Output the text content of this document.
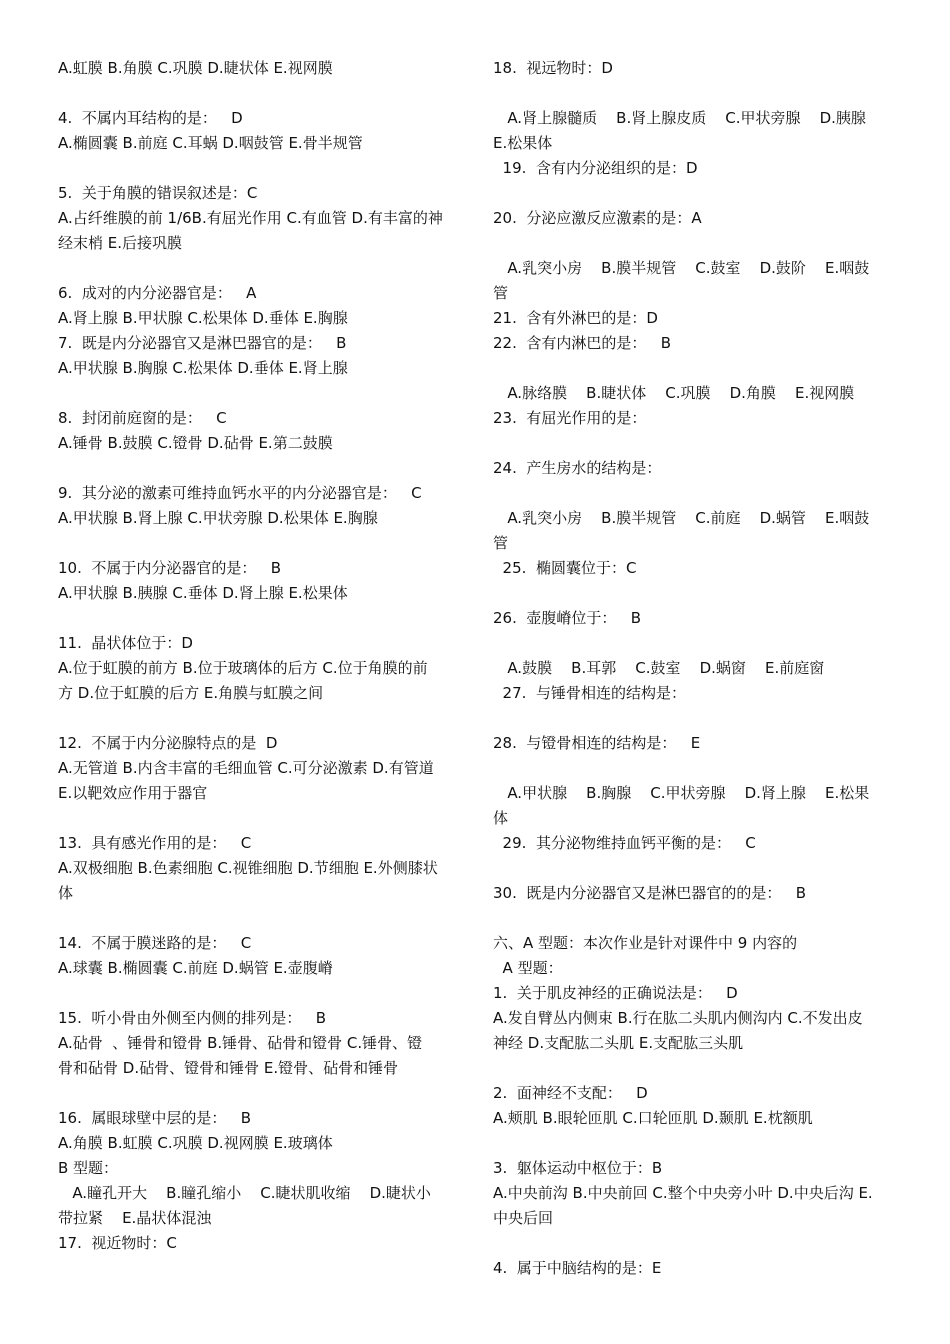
A.虹膜 B.角膜 C.巩膜 D.睫状体 E.视网膜
4.  不属内耳结构的是：   D
A.椭圆囊 B.前庭 C.耳蜗 D.咽鼓管 E.骨半规管
5.  关于角膜的错误叙述是：C
A.占纤维膜的前 1/6B.有屈光作用 C.有血管 D.有丰富的神
经末梢 E.后接巩膜
6.  成对的内分泌器官是：   A
A.肾上腺 B.甲状腺 C.松果体 D.垂体 E.胸腺
7.  既是内分泌器官又是淋巴器官的是：   B
A.甲状腺 B.胸腺 C.松果体 D.垂体 E.肾上腺
8.  封闭前庭窗的是：   C
A.锤骨 B.鼓膜 C.镫骨 D.砧骨 E.第二鼓膜
9.  其分泌的激素可维持血钙水平的内分泌器官是：   C
A.甲状腺 B.肾上腺 C.甲状旁腺 D.松果体 E.胸腺
10.  不属于内分泌器官的是：   B
A.甲状腺 B.胰腺 C.垂体 D.肾上腺 E.松果体
11.  晶状体位于：D
A.位于虹膜的前方 B.位于玻璃体的后方 C.位于角膜的前
方 D.位于虹膜的后方 E.角膜与虹膜之间
12.  不属于内分泌腺特点的是  D
A.无管道 B.内含丰富的毛细血管 C.可分泌激素 D.有管道
E.以靶效应作用于器官
13.  具有感光作用的是：   C
A.双极细胞 B.色素细胞 C.视锥细胞 D.节细胞 E.外侧膝状
体
14.  不属于膜迷路的是：   C
A.球囊 B.椭圆囊 C.前庭 D.蜗管 E.壶腹嵴
15.  听小骨由外侧至内侧的排列是：   B
A.砧骨  、锤骨和镫骨 B.锤骨、砧骨和镫骨 C.锤骨、镫
骨和砧骨 D.砧骨、镫骨和锤骨 E.镫骨、砧骨和锤骨
16.  属眼球壁中层的是：   B
A.角膜 B.虹膜 C.巩膜 D.视网膜 E.玻璃体
B 型题：
A.瞳孔开大    B.瞳孔缩小    C.睫状肌收缩    D.睫状小
带拉紧    E.晶状体混浊
17.  视近物时：C
18.  视远物时：D
A.肾上腺髓质    B.肾上腺皮质    C.甲状旁腺    D.胰腺
E.松果体
19.  含有内分泌组织的是：D
20.  分泌应激反应激素的是：A
A.乳突小房    B.膜半规管    C.鼓室    D.鼓阶    E.咽鼓
管
21.  含有外淋巴的是：D
22.  含有内淋巴的是：   B
A.脉络膜    B.睫状体    C.巩膜    D.角膜    E.视网膜
23.  有屈光作用的是：
24.  产生房水的结构是：
A.乳突小房    B.膜半规管    C.前庭    D.蜗管    E.咽鼓
管
25.  椭圆囊位于：C
26.  壶腹嵴位于：   B
A.鼓膜    B.耳郭    C.鼓室    D.蜗窗    E.前庭窗
27.  与锤骨相连的结构是：
28.  与镫骨相连的结构是：   E
A.甲状腺    B.胸腺    C.甲状旁腺    D.肾上腺    E.松果
体
29.  其分泌物维持血钙平衡的是：   C
30.  既是内分泌器官又是淋巴器官的的是：   B
六、A 型题：本次作业是针对课件中 9 内容的
A 型题：
1.  关于肌皮神经的正确说法是：   D
A.发自臂丛内侧束 B.行在肱二头肌内侧沟内 C.不发出皮
神经 D.支配肱二头肌 E.支配肱三头肌
2.  面神经不支配：   D
A.颊肌 B.眼轮匝肌 C.口轮匝肌 D.颞肌 E.枕额肌
3.  躯体运动中枢位于：B
A.中央前沟 B.中央前回 C.整个中央旁小叶 D.中央后沟 E.
中央后回
4.  属于中脑结构的是：E
